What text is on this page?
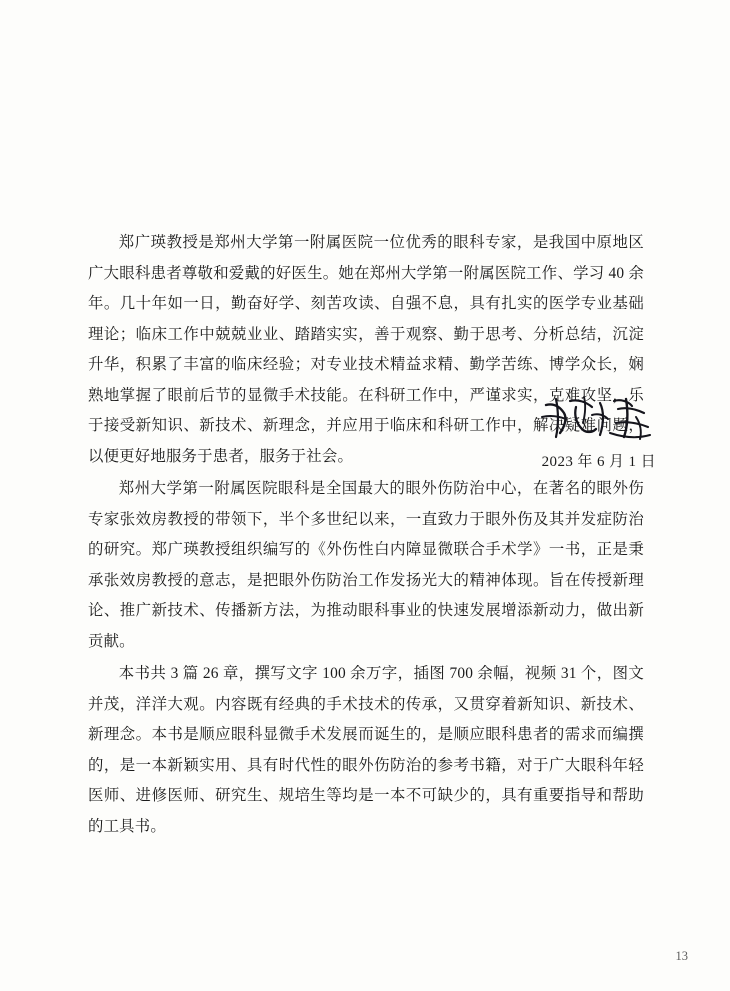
郑广瑛教授是郑州大学第一附属医院一位优秀的眼科专家，是我国中原地区广大眼科患者尊敬和爱戴的好医生。她在郑州大学第一附属医院工作、学习 40 余年。几十年如一日，勤奋好学、刻苦攻读、自强不息，具有扎实的医学专业基础理论；临床工作中兢兢业业、踏踏实实，善于观察、勤于思考、分析总结，沉淀升华，积累了丰富的临床经验；对专业技术精益求精、勤学苦练、博学众长，娴熟地掌握了眼前后节的显微手术技能。在科研工作中，严谨求实，克难攻坚，乐于接受新知识、新技术、新理念，并应用于临床和科研工作中，解决疑难问题，以便更好地服务于患者，服务于社会。

郑州大学第一附属医院眼科是全国最大的眼外伤防治中心，在著名的眼外伤专家张效房教授的带领下，半个多世纪以来，一直致力于眼外伤及其并发症防治的研究。郑广瑛教授组织编写的《外伤性白内障显微联合手术学》一书，正是秉承张效房教授的意志，是把眼外伤防治工作发扬光大的精神体现。旨在传授新理论、推广新技术、传播新方法，为推动眼科事业的快速发展增添新动力，做出新贡献。

本书共 3 篇 26 章，撰写文字 100 余万字，插图 700 余幅，视频 31 个，图文并茂，洋洋大观。内容既有经典的手术技术的传承，又贯穿着新知识、新技术、新理念。本书是顺应眼科显微手术发展而诞生的，是顺应眼科患者的需求而编撰的，是一本新颖实用、具有时代性的眼外伤防治的参考书籍，对于广大眼科年轻医师、进修医师、研究生、规培生等均是一本不可缺少的，具有重要指导和帮助的工具书。

2023 年 6 月 1 日
13
